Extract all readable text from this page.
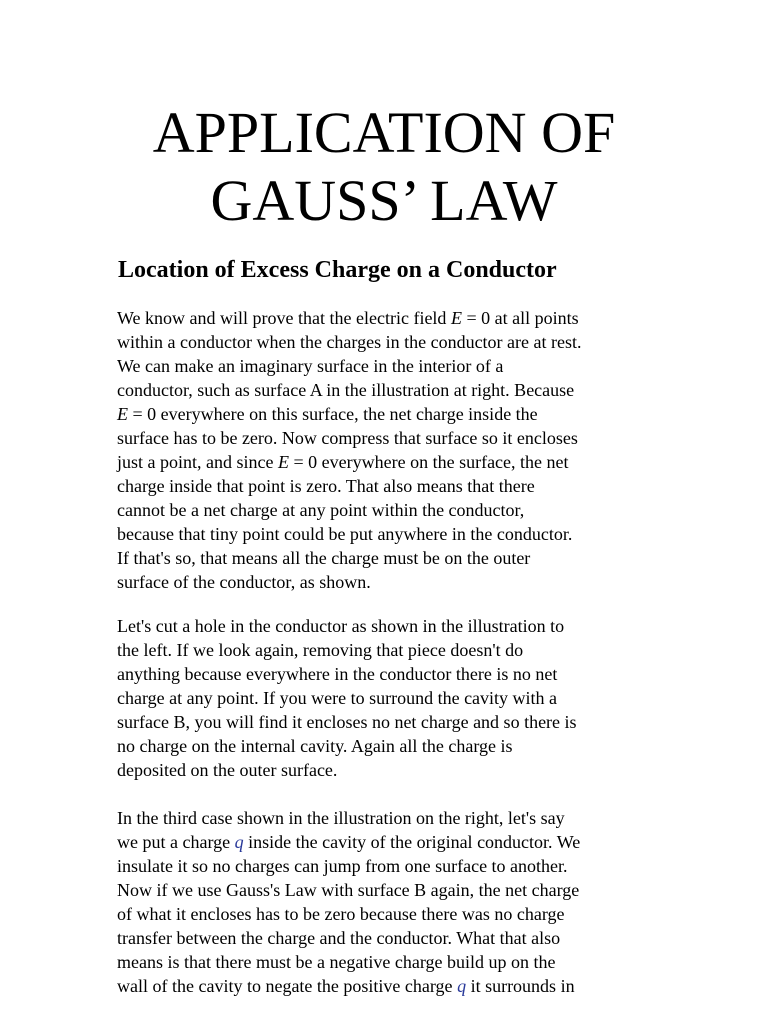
APPLICATION OF
GAUSS’ LAW
Location of Excess Charge on a Conductor
We know and will prove that the electric field E = 0 at all points
within a conductor when the charges in the conductor are at rest.
We can make an imaginary surface in the interior of a
conductor, such as surface A in the illustration at right. Because
E = 0 everywhere on this surface, the net charge inside the
surface has to be zero. Now compress that surface so it encloses
just a point, and since E = 0 everywhere on the surface, the net
charge inside that point is zero. That also means that there
cannot be a net charge at any point within the conductor,
because that tiny point could be put anywhere in the conductor.
If that's so, that means all the charge must be on the outer
surface of the conductor, as shown.
Let's cut a hole in the conductor as shown in the illustration to
the left. If we look again, removing that piece doesn't do
anything because everywhere in the conductor there is no net
charge at any point. If you were to surround the cavity with a
surface B, you will find it encloses no net charge and so there is
no charge on the internal cavity. Again all the charge is
deposited on the outer surface.
In the third case shown in the illustration on the right, let's say
we put a charge q inside the cavity of the original conductor. We
insulate it so no charges can jump from one surface to another.
Now if we use Gauss's Law with surface B again, the net charge
of what it encloses has to be zero because there was no charge
transfer between the charge and the conductor. What that also
means is that there must be a negative charge build up on the
wall of the cavity to negate the positive charge q it surrounds in
